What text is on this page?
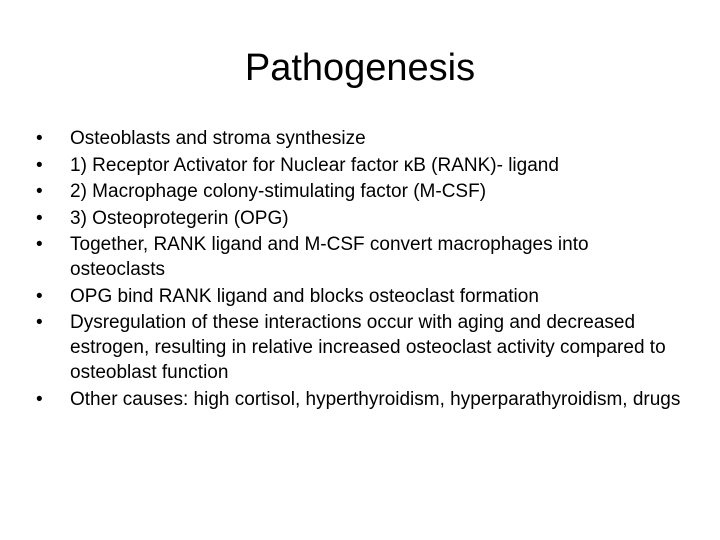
Pathogenesis
•	Osteoblasts and stroma synthesize
•	1) Receptor Activator for Nuclear factor κB (RANK)- ligand
•	2) Macrophage colony-stimulating factor (M-CSF)
•	3) Osteoprotegerin (OPG)
•	Together, RANK ligand and M-CSF convert macrophages into osteoclasts
•	OPG bind RANK ligand and blocks osteoclast formation
•	Dysregulation of these interactions occur with aging and decreased estrogen, resulting in relative increased osteoclast activity compared to osteoblast function
•	Other causes: high cortisol, hyperthyroidism, hyperparathyroidism, drugs
